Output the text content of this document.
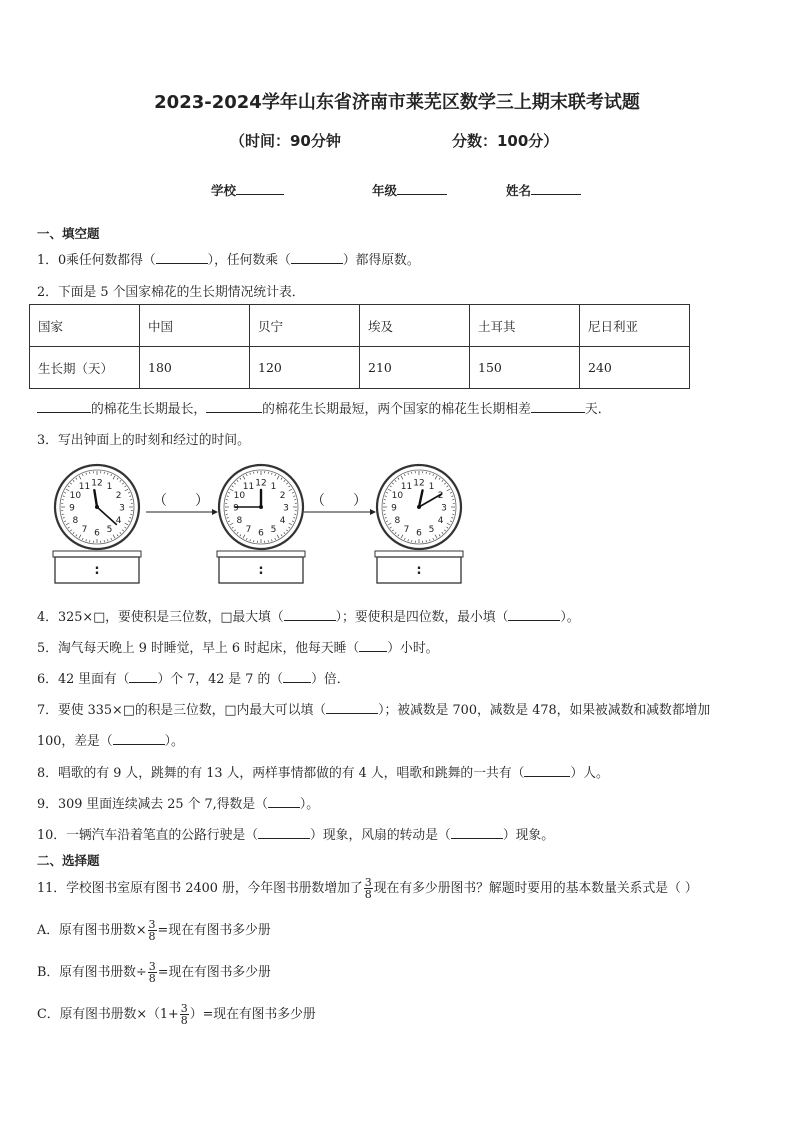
2023-2024学年山东省济南市莱芜区数学三上期末联考试题
（时间：90分钟	分数：100分）
学校	年级	姓名
一、填空题
1．0乘任何数都得（	），任何数乘（	）都得原数。
2．下面是 5 个国家棉花的生长期情况统计表．
国家	中国	贝宁	埃及	土耳其	尼日利亚
生长期（天）	180	120	210	150	240
的棉花生长期最长，	的棉花生长期最短，两个国家的棉花生长期相差	天．
3．写出钟面上的时刻和经过的时间。
12 1
2
3
4
5
6
7
8
9
10
11
:
12 1
2
3
4
5
6
7
8
9
10
11
:
12 1
2
3
4
5
6
7
8
9
10
11
:
（　　）	（　　）
4．325×□，要使积是三位数，□最大填（	）；要使积是四位数，最小填（	）。
5．淘气每天晚上 9 时睡觉，早上 6 时起床，他每天睡（ ）小时。
6．42 里面有（ ）个 7，42 是 7 的（ ）倍．
7．要使 335×□的积是三位数，□内最大可以填（	）；被减数是 700，减数是 478，如果被减数和减数都增加
100，差是（	）。
8．唱歌的有 9 人，跳舞的有 13 人，两样事情都做的有 4 人，唱歌和跳舞的一共有（	）人。
9．309 里面连续减去 25 个 7,得数是（	）。
10．一辆汽车沿着笔直的公路行驶是（	）现象，风扇的转动是（	）现象。
二、选择题
11．学校图书室原有图书 2400 册，今年图书册数增加了 $\frac{3}{8}$ 现在有多少册图书？解题时要用的基本数量关系式是（ ）
A．原有图书册数× $\frac{3}{8}$ =现在有图书多少册
B．原有图书册数÷ $\frac{3}{8}$ =现在有图书多少册
C．原有图书册数$\times(1+ \frac{3}{8}$ ）=现在有图书多少册
